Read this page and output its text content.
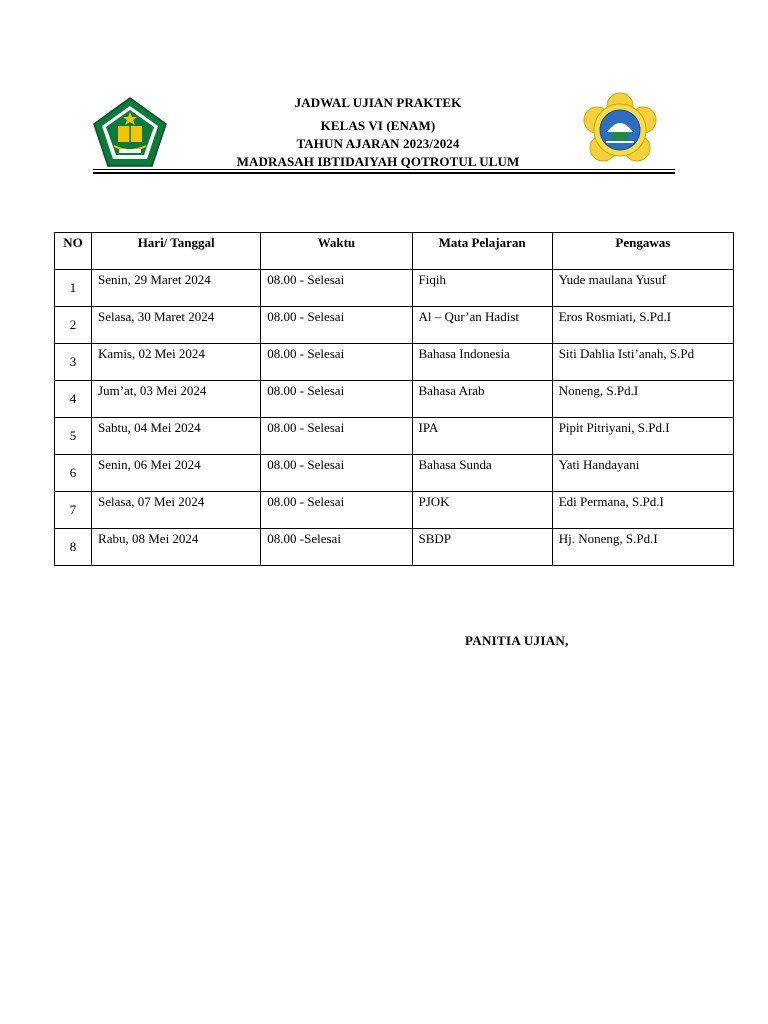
JADWAL UJIAN PRAKTEK
KELAS VI (ENAM)
TAHUN AJARAN 2023/2024
MADRASAH IBTIDAIYAH QOTROTUL ULUM
NO	Hari/ Tanggal	Waktu	Mata Pelajaran	Pengawas
1	Senin, 29 Maret 2024	08.00 - Selesai	Fiqih	Yude maulana Yusuf
2	Selasa, 30 Maret 2024	08.00 - Selesai	Al – Qur’an Hadist	Eros Rosmiati, S.Pd.I
3	Kamis, 02 Mei 2024	08.00 - Selesai	Bahasa Indonesia	Siti Dahlia Isti’anah, S.Pd
4	Jum’at, 03 Mei 2024	08.00 - Selesai	Bahasa Arab	Noneng, S.Pd.I
5	Sabtu, 04 Mei 2024	08.00 - Selesai	IPA	Pipit Pitriyani, S.Pd.I
6	Senin, 06 Mei 2024	08.00 - Selesai	Bahasa Sunda	Yati Handayani
7	Selasa, 07 Mei 2024	08.00 - Selesai	PJOK	Edi Permana, S.Pd.I
8	Rabu, 08 Mei 2024	08.00 -Selesai	SBDP	Hj. Noneng, S.Pd.I
PANITIA UJIAN,
